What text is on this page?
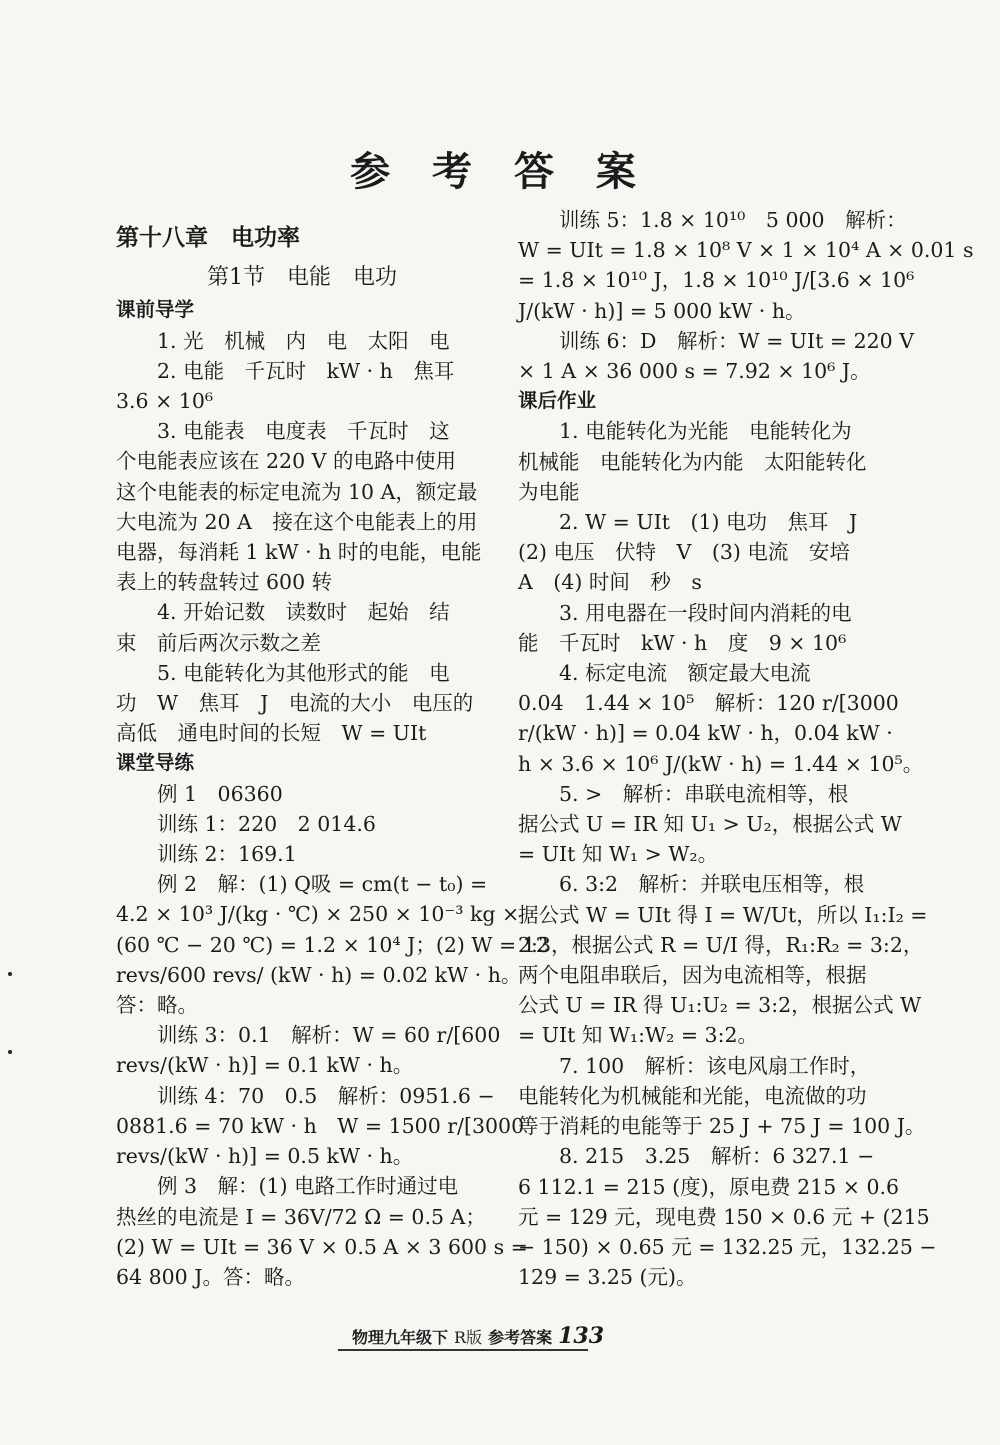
参 考 答 案

第十八章　电功率

第1节　电能　电功

课前导学

　　1. 光　机械　内　电　太阳　电

　　2. 电能　千瓦时　kW · h　焦耳

3.6 × 10⁶

　　3. 电能表　电度表　千瓦时　这

个电能表应该在 220 V 的电路中使用

这个电能表的标定电流为 10 A，额定最

大电流为 20 A　接在这个电能表上的用

电器，每消耗 1 kW · h 时的电能，电能

表上的转盘转过 600 转

　　4. 开始记数　读数时　起始　结

束　前后两次示数之差

　　5. 电能转化为其他形式的能　电

功　W　焦耳　J　电流的大小　电压的

高低　通电时间的长短　W = UIt

课堂导练

　　例 1　06360

　　训练 1：220　2 014.6

　　训练 2：169.1

　　例 2　解：(1) Q吸 = cm(t − t₀) =

4.2 × 10³ J/(kg · ℃) × 250 × 10⁻³ kg ×

(60 ℃ − 20 ℃) = 1.2 × 10⁴ J；(2) W = 12

revs/600 revs/ (kW · h) = 0.02 kW · h。

答：略。

　　训练 3：0.1　解析：W = 60 r/[600

revs/(kW · h)] = 0.1 kW · h。

　　训练 4：70　0.5　解析：0951.6 −

0881.6 = 70 kW · h　W = 1500 r/[3000

revs/(kW · h)] = 0.5 kW · h。

　　例 3　解：(1) 电路工作时通过电

热丝的电流是 I = 36V/72 Ω = 0.5 A；

(2) W = UIt = 36 V × 0.5 A × 3 600 s =

64 800 J。答：略。

　　训练 5：1.8 × 10¹⁰　5 000　解析：

W = UIt = 1.8 × 10⁸ V × 1 × 10⁴ A × 0.01 s

= 1.8 × 10¹⁰ J，1.8 × 10¹⁰ J/[3.6 × 10⁶

J/(kW · h)] = 5 000 kW · h。

　　训练 6：D　解析：W = UIt = 220 V

× 1 A × 36 000 s = 7.92 × 10⁶ J。

课后作业

　　1. 电能转化为光能　电能转化为

机械能　电能转化为内能　太阳能转化

为电能

　　2. W = UIt　(1) 电功　焦耳　J

(2) 电压　伏特　V　(3) 电流　安培

A　(4) 时间　秒　s

　　3. 用电器在一段时间内消耗的电

能　千瓦时　kW · h　度　9 × 10⁶

　　4. 标定电流　额定最大电流

0.04　1.44 × 10⁵　解析：120 r/[3000

r/(kW · h)] = 0.04 kW · h，0.04 kW ·

h × 3.6 × 10⁶ J/(kW · h) = 1.44 × 10⁵。

　　5. >　解析：串联电流相等，根

据公式 U = IR 知 U₁ > U₂，根据公式 W

= UIt 知 W₁ > W₂。

　　6. 3:2　解析：并联电压相等，根

据公式 W = UIt 得 I = W/Ut，所以 I₁:I₂ =

2:3，根据公式 R = U/I 得，R₁:R₂ = 3:2，

两个电阻串联后，因为电流相等，根据

公式 U = IR 得 U₁:U₂ = 3:2，根据公式 W

= UIt 知 W₁:W₂ = 3:2。

　　7. 100　解析：该电风扇工作时，

电能转化为机械能和光能，电流做的功

等于消耗的电能等于 25 J + 75 J = 100 J。

　　8. 215　3.25　解析：6 327.1 −

6 112.1 = 215 (度)，原电费 215 × 0.6

元 = 129 元，现电费 150 × 0.6 元 + (215

− 150) × 0.65 元 = 132.25 元，132.25 −

129 = 3.25 (元)。

物理九年级下 R版 参考答案 133
